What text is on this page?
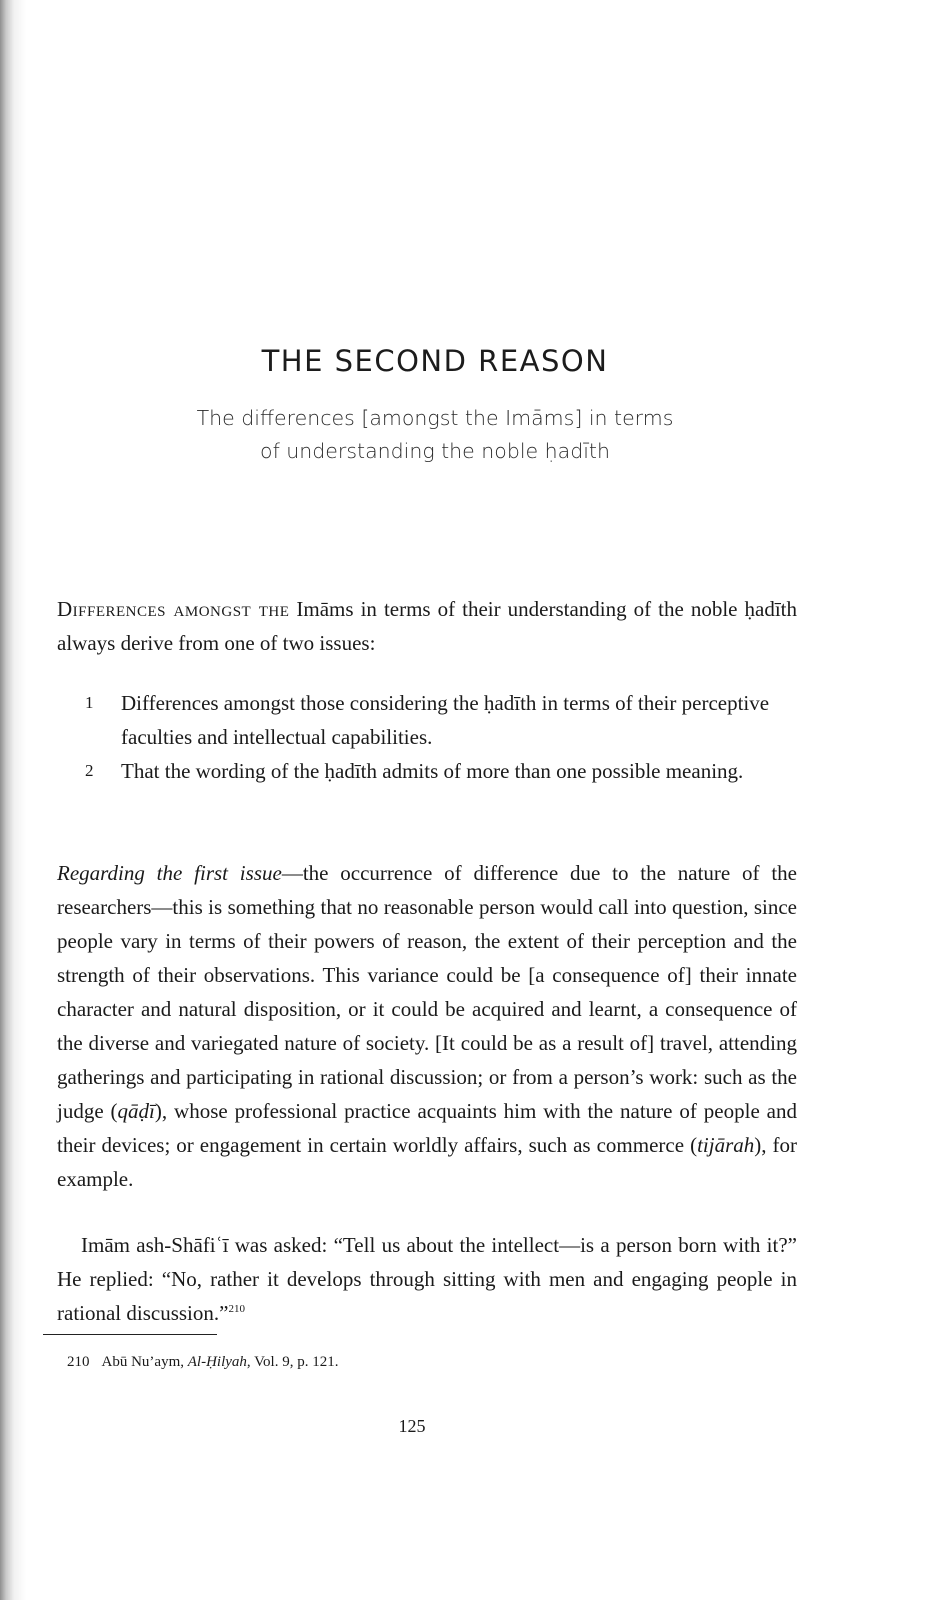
THE SECOND REASON
The differences [amongst the Imāms] in terms
of understanding the noble ḥadīth

Differences amongst the Imāms in terms of their understanding of the noble ḥadīth always derive from one of two issues:

1 Differences amongst those considering the ḥadīth in terms of their perceptive faculties and intellectual capabilities.
2 That the wording of the ḥadīth admits of more than one possible meaning.

Regarding the first issue—the occurrence of difference due to the nature of the researchers—this is something that no reasonable person would call into question, since people vary in terms of their powers of reason, the extent of their perception and the strength of their observations. This variance could be [a consequence of] their innate character and natural disposition, or it could be acquired and learnt, a consequence of the diverse and variegated nature of society. [It could be as a result of] travel, attending gatherings and participating in rational discussion; or from a person’s work: such as the judge (qāḍī), whose professional practice acquaints him with the nature of people and their devices; or engagement in certain worldly affairs, such as commerce (tijārah), for example.

Imām ash-Shāfiʿī was asked: “Tell us about the intellect—is a person born with it?” He replied: “No, rather it develops through sitting with men and engaging people in rational discussion.”$^{210}$

210 Abū Nu’aym, Al-Ḥilyah, Vol. 9, p. 121.

125
